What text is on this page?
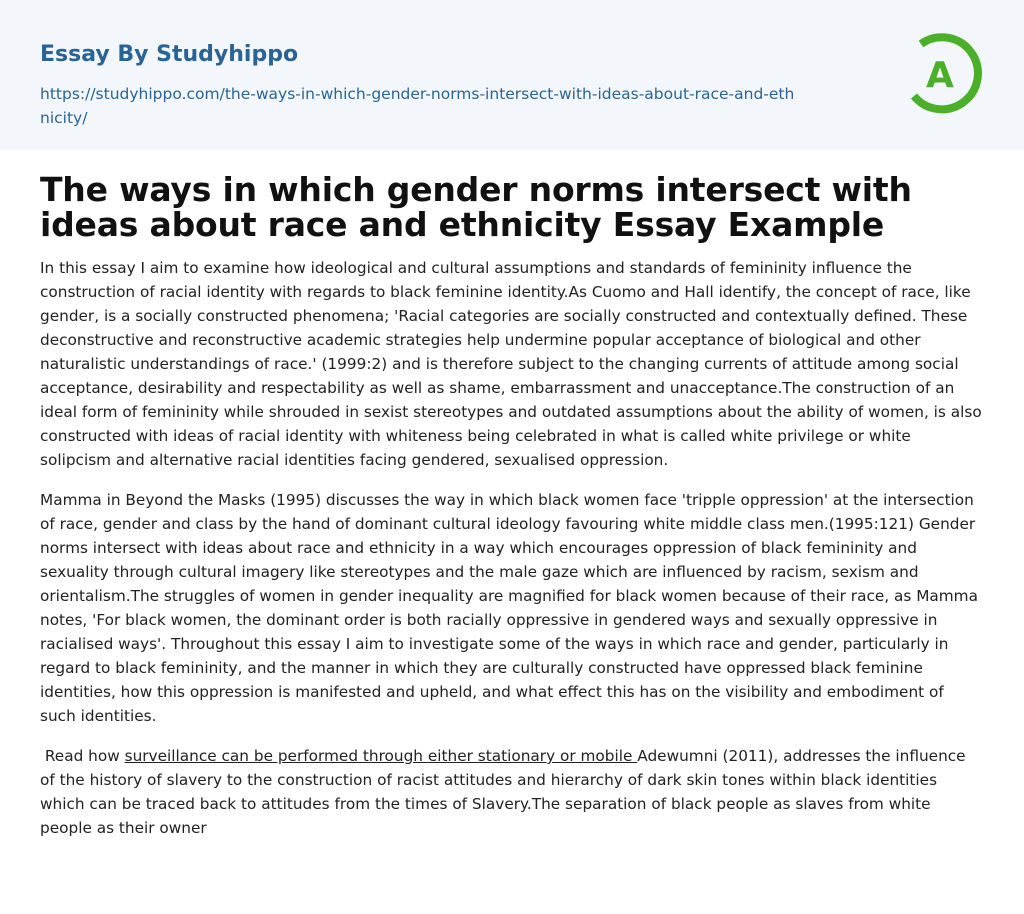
Essay By Studyhippo
https://studyhippo.com/the-ways-in-which-gender-norms-intersect-with-ideas-about-race-and-ethnicity/
A
The ways in which gender norms intersect with ideas about race and ethnicity Essay Example

In this essay I aim to examine how ideological and cultural assumptions and standards of femininity influence the construction of racial identity with regards to black feminine identity.As Cuomo and Hall identify, the concept of race, like gender, is a socially constructed phenomena; 'Racial categories are socially constructed and contextually defined. These deconstructive and reconstructive academic strategies help undermine popular acceptance of biological and other naturalistic understandings of race.' (1999:2) and is therefore subject to the changing currents of attitude among social acceptance, desirability and respectability as well as shame, embarrassment and unacceptance.The construction of an ideal form of femininity while shrouded in sexist stereotypes and outdated assumptions about the ability of women, is also constructed with ideas of racial identity with whiteness being celebrated in what is called white privilege or white solipcism and alternative racial identities facing gendered, sexualised oppression.

Mamma in Beyond the Masks (1995) discusses the way in which black women face 'tripple oppression' at the intersection of race, gender and class by the hand of dominant cultural ideology favouring white middle class men.(1995:121) Gender norms intersect with ideas about race and ethnicity in a way which encourages oppression of black femininity and sexuality through cultural imagery like stereotypes and the male gaze which are influenced by racism, sexism and orientalism.The struggles of women in gender inequality are magnified for black women because of their race, as Mamma notes, 'For black women, the dominant order is both racially oppressive in gendered ways and sexually oppressive in racialised ways'. Throughout this essay I aim to investigate some of the ways in which race and gender, particularly in regard to black femininity, and the manner in which they are culturally constructed have oppressed black feminine identities, how this oppression is manifested and upheld, and what effect this has on the visibility and embodiment of such identities.

Read how surveillance can be performed through either stationary or mobile Adewumni (2011), addresses the influence of the history of slavery to the construction of racist attitudes and hierarchy of dark skin tones within black identities which can be traced back to attitudes from the times of Slavery.The separation of black people as slaves from white people as their owner
